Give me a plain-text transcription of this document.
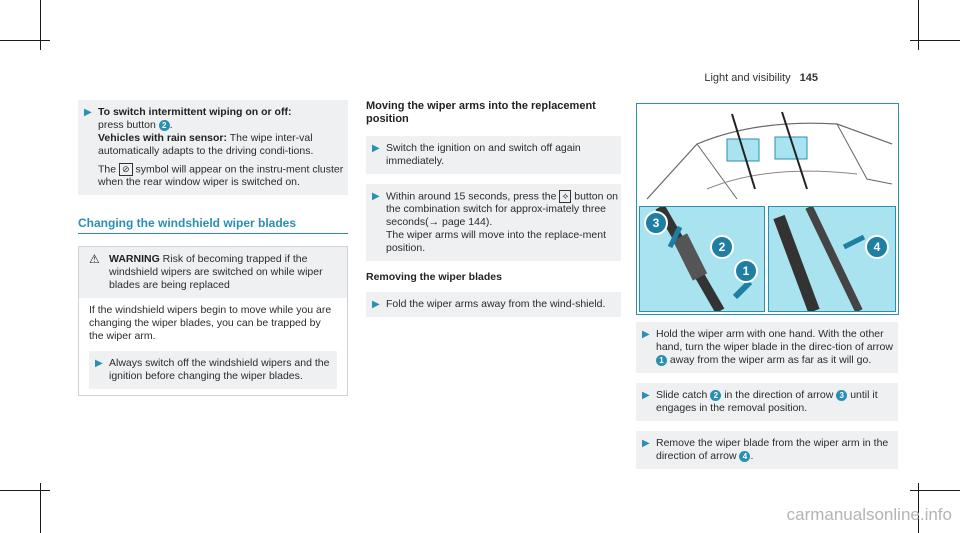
Light and visibility 145
▶ To switch intermittent wiping on or off:
press button 2 .
Vehicles with rain sensor: The wipe inter-val automatically adapts to the driving condi-tions.
The ⊘ symbol will appear on the instru-ment cluster when the rear window wiper is switched on.
Changing the windshield wiper blades
⚠ WARNING Risk of becoming trapped if the windshield wipers are switched on while wiper blades are being replaced
If the windshield wipers begin to move while you are changing the wiper blades, you can be trapped by the wiper arm.
▶ Always switch off the windshield wipers and the ignition before changing the wiper blades.
Moving the wiper arms into the replacement position
▶ Switch the ignition on and switch off again immediately.
▶ Within around 15 seconds, press the ⟡ button on the combination switch for approx-imately three seconds(→ page 144).
The wiper arms will move into the replace-ment position.
Removing the wiper blades
▶ Fold the wiper arms away from the wind-shield.
3
2
1
4
▶ Hold the wiper arm with one hand. With the other hand, turn the wiper blade in the direc-tion of arrow 1 away from the wiper arm as far as it will go.
▶ Slide catch 2 in the direction of arrow 3 until it engages in the removal position.
▶ Remove the wiper blade from the wiper arm in the direction of arrow 4 .
carmanualsonline.info
